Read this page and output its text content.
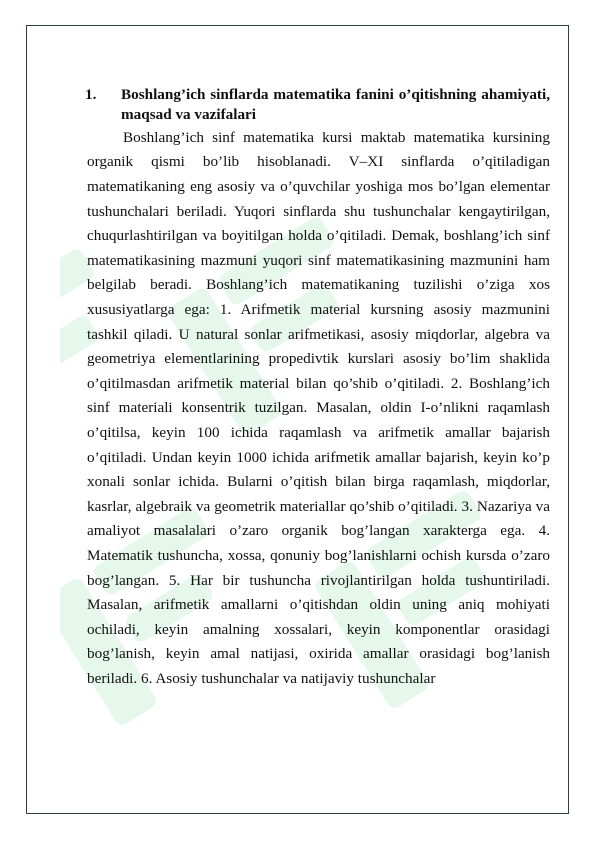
1. Boshlang’ich sinflarda matematika fanini o’qitishning ahamiyati, maqsad va vazifalari

Boshlang’ich sinf matematika kursi maktab matematika kursining organik qismi bo’lib hisoblanadi. V–XI sinflarda o’qitiladigan matematikaning eng asosiy va o’quvchilar yoshiga mos bo’lgan elementar tushunchalari beriladi. Yuqori sinflarda shu tushunchalar kengaytirilgan, chuqurlashtirilgan va boyitilgan holda o’qitiladi. Demak, boshlang’ich sinf matematikasining mazmuni yuqori sinf matematikasining mazmunini ham belgilab beradi. Boshlang’ich matematikaning tuzilishi o’ziga xos xususiyatlarga ega: 1. Arifmetik material kursning asosiy mazmunini tashkil qiladi. U natural sonlar arifmetikasi, asosiy miqdorlar, algebra va geometriya elementlarining propedivtik kurslari asosiy bo’lim shaklida o’qitilmasdan arifmetik material bilan qo’shib o’qitiladi. 2. Boshlang’ich sinf materiali konsentrik tuzilgan. Masalan, oldin I-o’nlikni raqamlash o’qitilsa, keyin 100 ichida raqamlash va arifmetik amallar bajarish o’qitiladi. Undan keyin 1000 ichida arifmetik amallar bajarish, keyin ko’p xonali sonlar ichida. Bularni o’qitish bilan birga raqamlash, miqdorlar, kasrlar, algebraik va geometrik materiallar qo’shib o’qitiladi. 3. Nazariya va amaliyot masalalari o’zaro organik bog’langan xarakterga ega. 4. Matematik tushuncha, xossa, qonuniy bog’lanishlarni ochish kursda o’zaro bog’langan. 5. Har bir tushuncha rivojlantirilgan holda tushuntiriladi. Masalan, arifmetik amallarni o’qitishdan oldin uning aniq mohiyati ochiladi, keyin amalning xossalari, keyin komponentlar orasidagi bog’lanish, keyin amal natijasi, oxirida amallar orasidagi bog’lanish beriladi. 6. Asosiy tushunchalar va natijaviy tushunchalar
